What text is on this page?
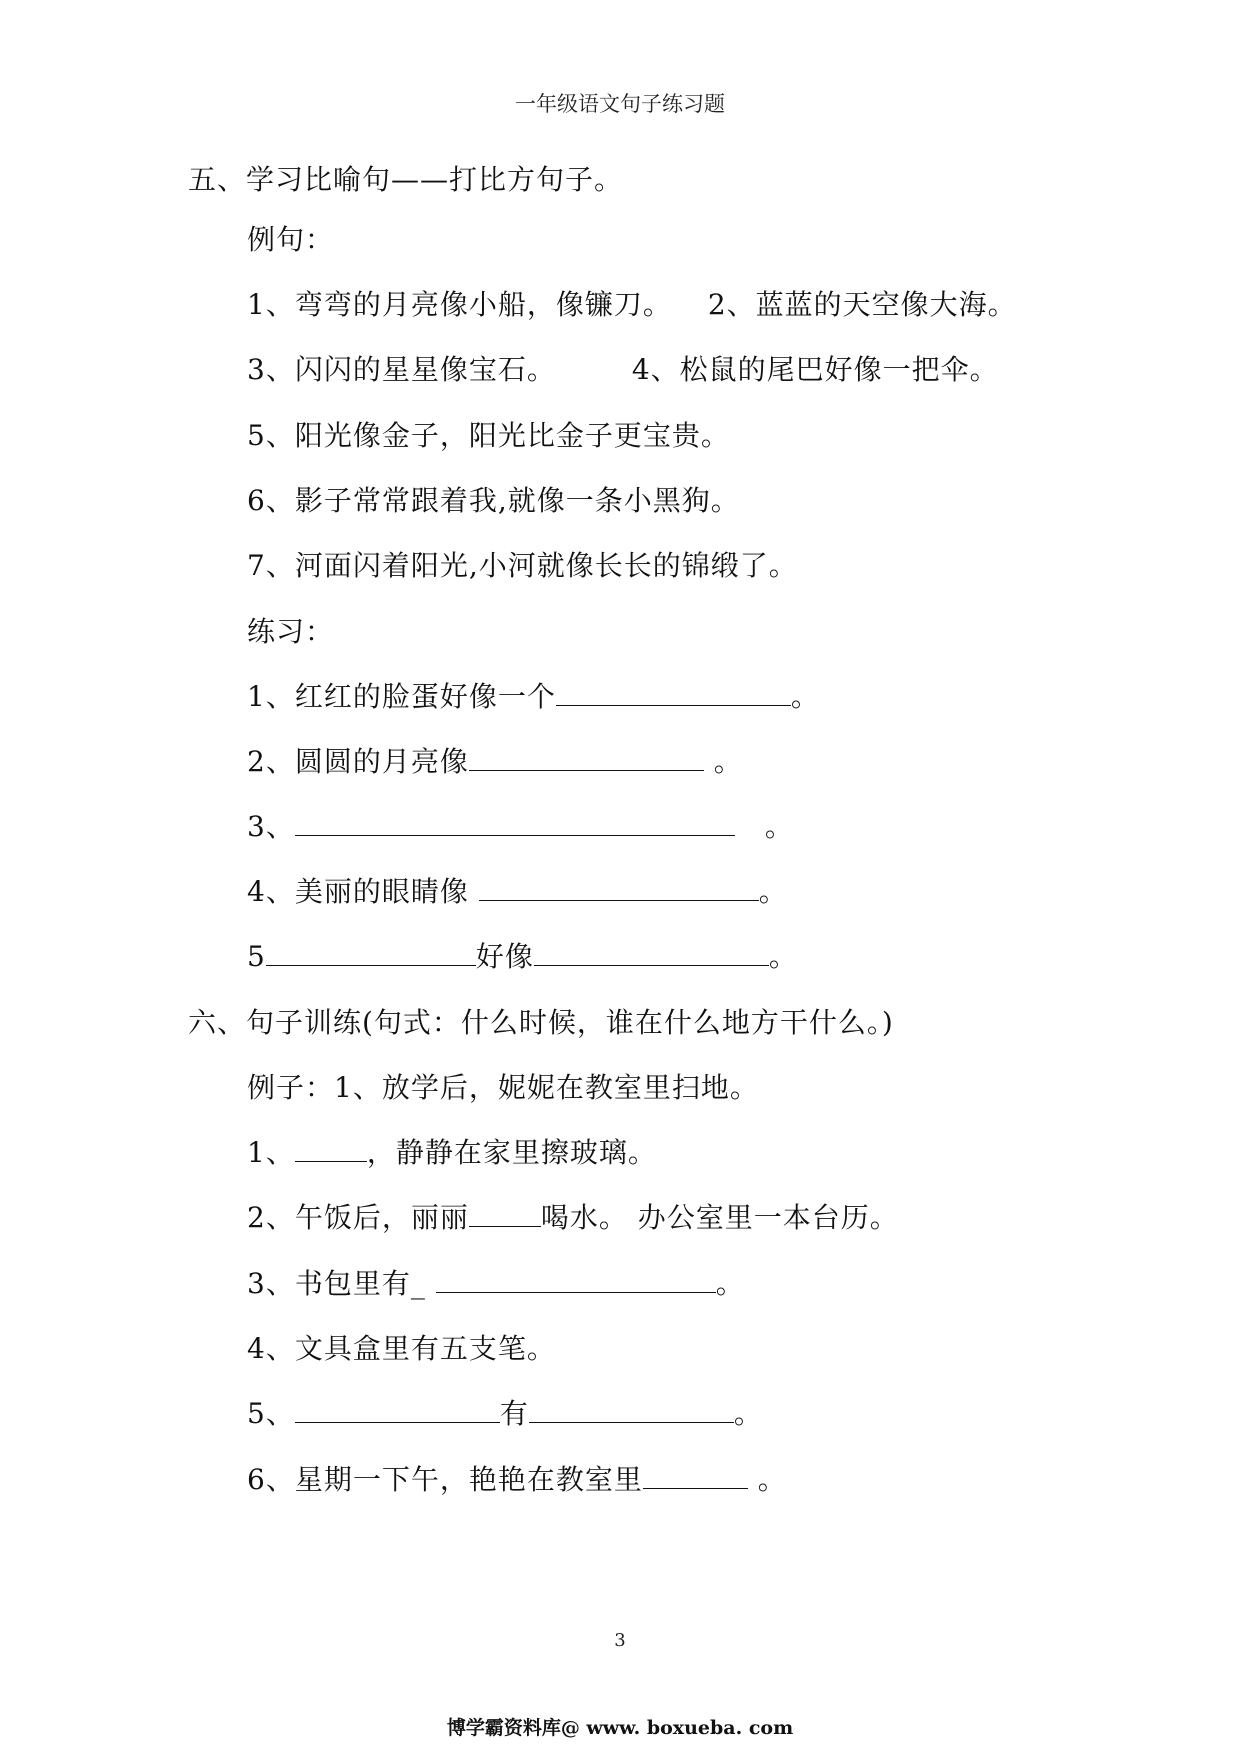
一年级语文句子练习题
五、学习比喻句——打比方句子。
例句：
1、弯弯的月亮像小船，像镰刀。 2、蓝蓝的天空像大海。
3、闪闪的星星像宝石。	4、松鼠的尾巴好像一把伞。
5、阳光像金子，阳光比金子更宝贵。
6、影子常常跟着我,就像一条小黑狗。
7、河面闪着阳光,小河就像长长的锦缎了。
练习：
1、红红的脸蛋好像一个	。
2、圆圆的月亮像	。
3、	。
4、美丽的眼睛像	。
5	好像	。
六、句子训练(句式：什么时候，谁在什么地方干什么。)
例子：1、放学后，妮妮在教室里扫地。
1、	，静静在家里擦玻璃。
2、午饭后，丽丽	喝水。 办公室里一本台历。
3、书包里有_	。
4、文具盒里有五支笔。
5、	有	。
6、星期一下午，艳艳在教室里	。
3
博学霸资料库@ www. boxueba. com
